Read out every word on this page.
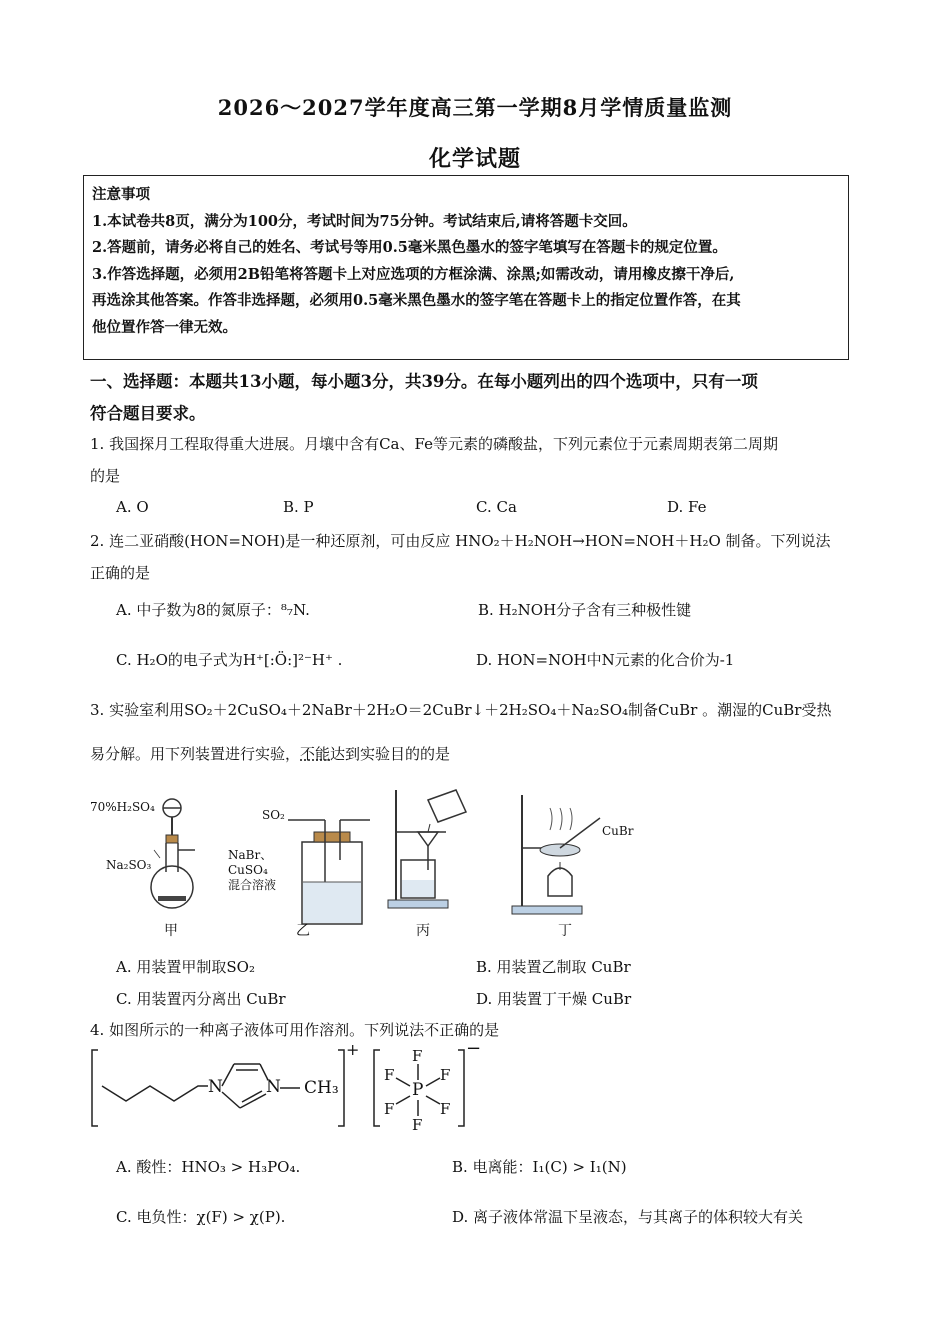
2026～2027学年度高三第一学期8月学情质量监测
化学试题
注意事项
1.本试卷共8页，满分为100分，考试时间为75分钟。考试结束后,请将答题卡交回。
2.答题前，请务必将自己的姓名、考试号等用0.5毫米黑色墨水的签字笔填写在答题卡的规定位置。
3.作答选择题，必须用2B铅笔将答题卡上对应选项的方框涂满、涂黑;如需改动，请用橡皮擦干净后,
再选涂其他答案。作答非选择题，必须用0.5毫米黑色墨水的签字笔在答题卡上的指定位置作答，在其
他位置作答一律无效。
一、选择题：本题共13小题，每小题3分，共39分。在每小题列出的四个选项中，只有一项
符合题目要求。
1. 我国探月工程取得重大进展。月壤中含有Ca、Fe等元素的磷酸盐，下列元素位于元素周期表第二周期
的是
A. O	B. P	C. Ca	D. Fe
2. 连二亚硝酸(HON=NOH)是一种还原剂，可由反应 HNO₂＋H₂NOH→HON=NOH＋H₂O 制备。下列说法
正确的是
A. 中子数为8的氮原子：⁸₇N.	B. H₂NOH分子含有三种极性键
C. H₂O的电子式为H⁺[:Ö:]²⁻H⁺ .	D. HON=NOH中N元素的化合价为-1
3. 实验室利用SO₂＋2CuSO₄＋2NaBr＋2H₂O＝2CuBr↓＋2H₂SO₄＋Na₂SO₄制备CuBr 。潮湿的CuBr受热
易分解。用下列装置进行实验，不能达到实验目的的是
70%H₂SO₄
Na₂SO₃
SO₂
NaBr、
CuSO₄
混合溶液
CuBr
甲	乙	丙	丁
A. 用装置甲制取SO₂	B. 用装置乙制取 CuBr
C. 用装置丙分离出 CuBr	D. 用装置丁干燥 CuBr
4. 如图所示的一种离子液体可用作溶剂。下列说法不正确的是
N	N CH₃
+	−
P
F
F
F	F
F	F
A. 酸性：HNO₃ > H₃PO₄.	B. 电离能：I₁(C) > I₁(N)
C. 电负性：χ(F) > χ(P).	D. 离子液体常温下呈液态，与其离子的体积较大有关
